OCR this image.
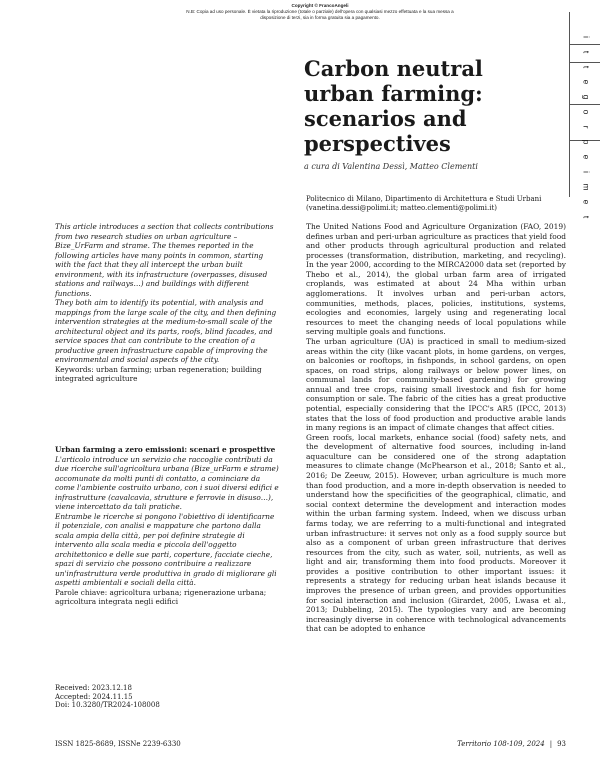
Copyright © FrancoAngeli
N.B: Copia ad uso personale. È vietata la riproduzione (totale o parziale) dell'opera con qualsiasi mezzo effettuata e la sua messa a disposizione di terzi, sia in forma gratuita sia a pagamento.
i
t
t
e
g
o
r
p
e
i
m
e
t
Carbon neutral urban farming: scenarios and perspectives
a cura di Valentina Dessì, Matteo Clementi
Politecnico di Milano, Dipartimento di Architettura e Studi Urbani
(vanetina.dessi@polimi.it; matteo.clementi@polimi.it)

This article introduces a section that collects contributions from two research studies on urban agriculture – Bize_UrFarm and strame. The themes reported in the following articles have many points in common, starting with the fact that they all intercept the urban built environment, with its infrastructure (overpasses, disused stations and railways…) and buildings with different functions.

They both aim to identify its potential, with analysis and mappings from the large scale of the city, and then defining intervention strategies at the medium-to-small scale of the architectural object and its parts, roofs, blind facades, and service spaces that can contribute to the creation of a productive green infrastructure capable of improving the environmental and social aspects of the city.

Keywords: urban farming; urban regeneration; building integrated agriculture

Urban farming a zero emissioni: scenari e prospettive

L'articolo introduce un servizio che raccoglie contributi da due ricerche sull'agricoltura urbana (Bize_urFarm e strame) accomunate da molti punti di contatto, a cominciare da come l'ambiente costruito urbano, con i suoi diversi edifici e infrastrutture (cavalcavia, strutture e ferrovie in disuso…), viene intercettato da tali pratiche.

Entrambe le ricerche si pongono l'obiettivo di identificarne il potenziale, con analisi e mappature che partono dalla scala ampia della città, per poi definire strategie di intervento alla scala media e piccola dell'oggetto architettonico e delle sue parti, coperture, facciate cieche, spazi di servizio che possono contribuire a realizzare un'infrastruttura verde produttiva in grado di migliorare gli aspetti ambientali e sociali della città.

Parole chiave: agricoltura urbana; rigenerazione urbana; agricoltura integrata negli edifici

Received: 2023.12.18

Accepted: 2024.11.15

Doi: 10.3280/TR2024-108008

The United Nations Food and Agriculture Organization (FAO, 2019) defines urban and peri-urban agriculture as practices that yield food and other products through agricultural production and related processes (transformation, distribution, marketing, and recycling). In the year 2000, according to the MIRCA2000 data set (reported by Thebo et al., 2014), the global urban farm area of irrigated croplands, was estimated at about 24 Mha within urban agglomerations. It involves urban and peri-urban actors, communities, methods, places, policies, institutions, systems, ecologies and economies, largely using and regenerating local resources to meet the changing needs of local populations while serving multiple goals and functions.

The urban agriculture (UA) is practiced in small to medium-sized areas within the city (like vacant plots, in home gardens, on verges, on balconies or rooftops, in fishponds, in school gardens, on open spaces, on road strips, along railways or below power lines, on communal lands for community-based gardening) for growing annual and tree crops, raising small livestock and fish for home consumption or sale. The fabric of the cities has a great productive potential, especially considering that the IPCC's AR5 (IPCC, 2013) states that the loss of food production and productive arable lands in many regions is an impact of climate changes that affect cities.

Green roofs, local markets, enhance social (food) safety nets, and the development of alternative food sources, including in-land aquaculture can be considered one of the strong adaptation measures to climate change (McPhearson et al., 2018; Santo et al., 2016; De Zeeuw, 2015). However, urban agriculture is much more than food production, and a more in-depth observation is needed to understand how the specificities of the geographical, climatic, and social context determine the development and interaction modes within the urban farming system. Indeed, when we discuss urban farms today, we are referring to a multi-functional and integrated urban infrastructure: it serves not only as a food supply source but also as a component of urban green infrastructure that derives resources from the city, such as water, soil, nutrients, as well as light and air, transforming them into food products. Moreover it provides a positive contribution to other important issues: it represents a strategy for reducing urban heat islands because it improves the presence of urban green, and provides opportunities for social interaction and inclusion (Girardet, 2005, Lwasa et al., 2013; Dubbeling, 2015). The typologies vary and are becoming increasingly diverse in coherence with technological advancements that can be adopted to enhance

ISSN 1825-8689, ISSNe 2239-6330	Territorio 108-109, 2024 | 93
